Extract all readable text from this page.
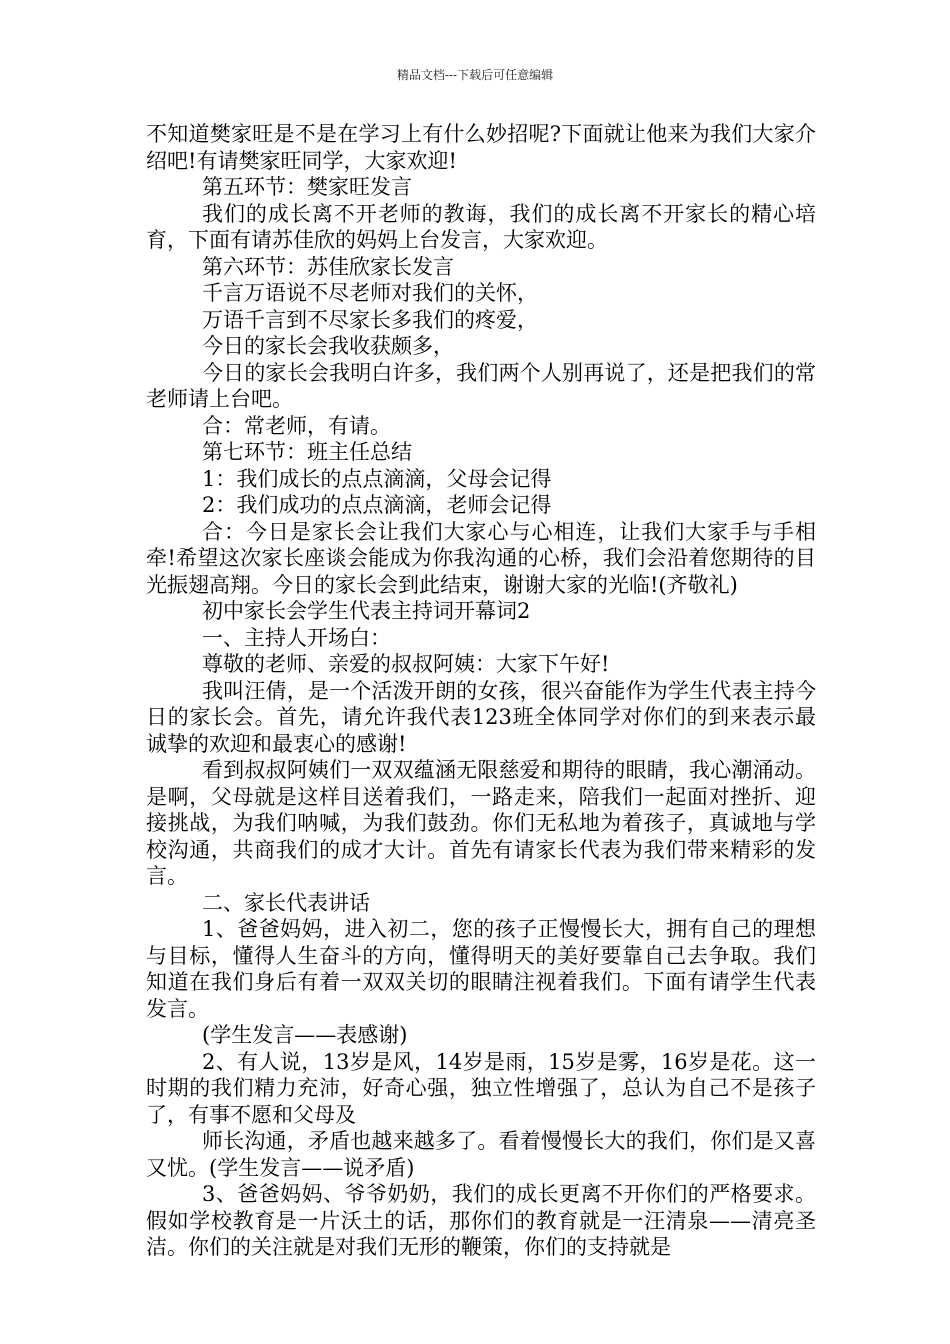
精品文档---下载后可任意编辑

不知道樊家旺是不是在学习上有什么妙招呢?下面就让他来为我们大家介绍吧!有请樊家旺同学，大家欢迎!

第五环节：樊家旺发言

我们的成长离不开老师的教诲，我们的成长离不开家长的精心培育，下面有请苏佳欣的妈妈上台发言，大家欢迎。

第六环节：苏佳欣家长发言

千言万语说不尽老师对我们的关怀，

万语千言到不尽家长多我们的疼爱，

今日的家长会我收获颇多，

今日的家长会我明白许多，我们两个人别再说了，还是把我们的常老师请上台吧。

合：常老师，有请。

第七环节：班主任总结

1：我们成长的点点滴滴，父母会记得

2：我们成功的点点滴滴，老师会记得

合：今日是家长会让我们大家心与心相连，让我们大家手与手相牵!希望这次家长座谈会能成为你我沟通的心桥，我们会沿着您期待的目光振翅高翔。今日的家长会到此结束，谢谢大家的光临!(齐敬礼)

初中家长会学生代表主持词开幕词2

一、主持人开场白：

尊敬的老师、亲爱的叔叔阿姨：大家下午好!

我叫汪倩，是一个活泼开朗的女孩，很兴奋能作为学生代表主持今日的家长会。首先，请允许我代表123班全体同学对你们的到来表示最诚挚的欢迎和最衷心的感谢!

看到叔叔阿姨们一双双蕴涵无限慈爱和期待的眼睛，我心潮涌动。是啊，父母就是这样目送着我们，一路走来，陪我们一起面对挫折、迎接挑战，为我们呐喊，为我们鼓劲。你们无私地为着孩子，真诚地与学校沟通，共商我们的成才大计。首先有请家长代表为我们带来精彩的发言。

二、家长代表讲话

1、爸爸妈妈，进入初二，您的孩子正慢慢长大，拥有自己的理想与目标，懂得人生奋斗的方向，懂得明天的美好要靠自己去争取。我们知道在我们身后有着一双双关切的眼睛注视着我们。下面有请学生代表发言。

(学生发言——表感谢)

2、有人说，13岁是风，14岁是雨，15岁是雾，16岁是花。这一时期的我们精力充沛，好奇心强，独立性增强了，总认为自己不是孩子了，有事不愿和父母及

师长沟通，矛盾也越来越多了。看着慢慢长大的我们，你们是又喜又忧。(学生发言——说矛盾)

3、爸爸妈妈、爷爷奶奶，我们的成长更离不开你们的严格要求。假如学校教育是一片沃土的话，那你们的教育就是一汪清泉——清亮圣洁。你们的关注就是对我们无形的鞭策，你们的支持就是
